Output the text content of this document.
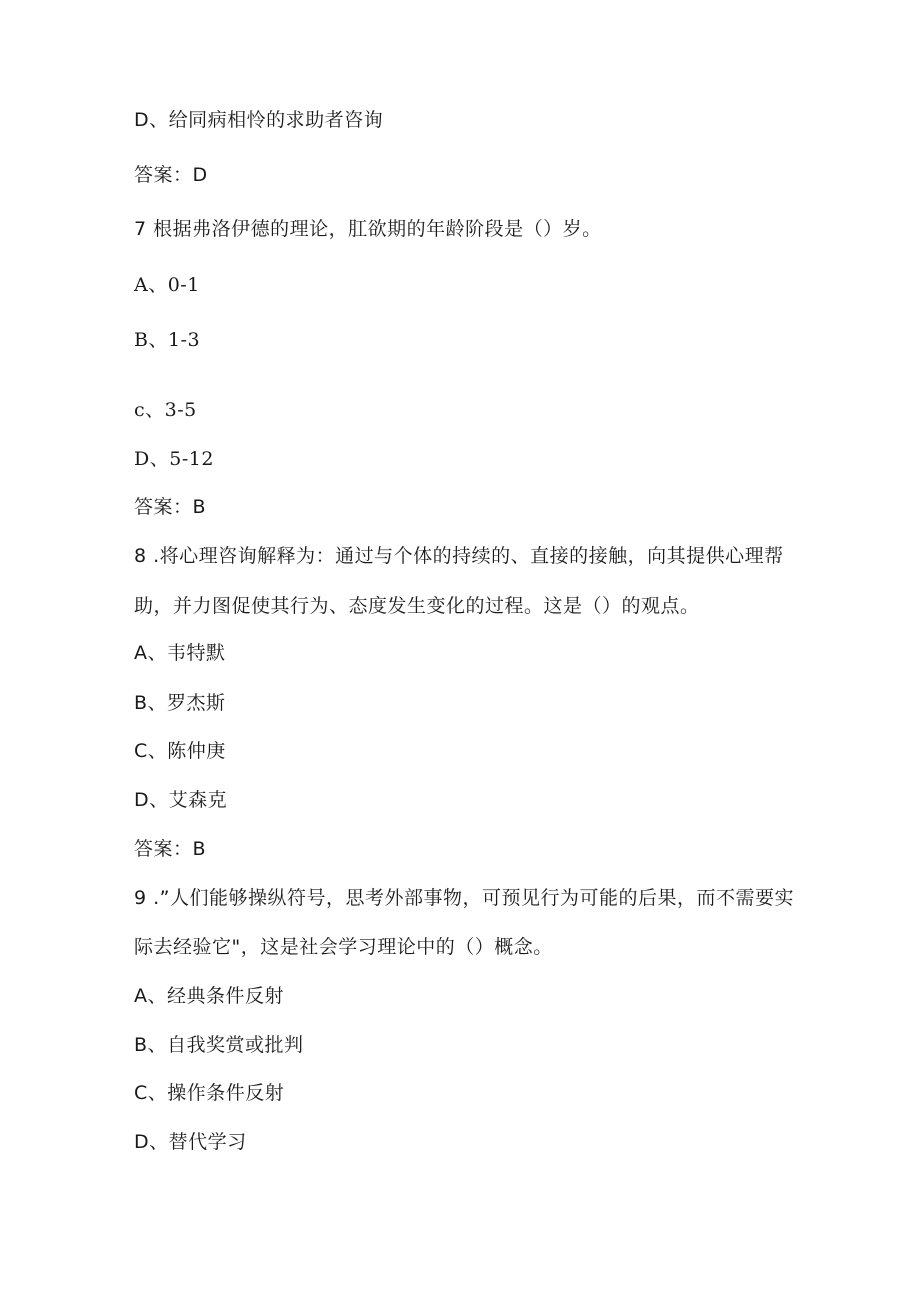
D、给同病相怜的求助者咨询
答案：D
7 根据弗洛伊德的理论，肛欲期的年龄阶段是（）岁。
A、0-1
B、1-3
c、3-5
D、5-12
答案：B
8 .将心理咨询解释为：通过与个体的持续的、直接的接触，向其提供心理帮
助，并力图促使其行为、态度发生变化的过程。这是（）的观点。
A、韦特默
B、罗杰斯
C、陈仲庚
D、艾森克
答案：B
9 .”人们能够操纵符号，思考外部事物，可预见行为可能的后果，而不需要实
际去经验它"，这是社会学习理论中的（）概念。
A、经典条件反射
B、自我奖赏或批判
C、操作条件反射
D、替代学习
